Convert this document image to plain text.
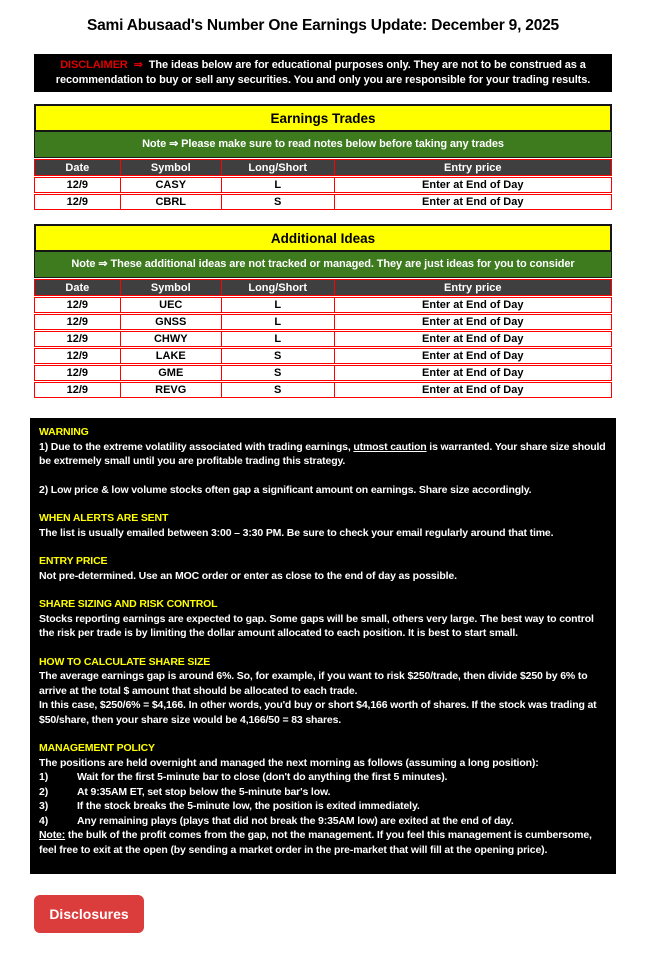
Sami Abusaad's Number One Earnings Update: December 9, 2025
DISCLAIMER ⇒ The ideas below are for educational purposes only. They are not to be construed as a recommendation to buy or sell any securities. You and only you are responsible for your trading results.
Earnings Trades
Note ⇒ Please make sure to read notes below before taking any trades
Date	Symbol	Long/Short	Entry price
12/9	CASY	L	Enter at End of Day
12/9	CBRL	S	Enter at End of Day
Additional Ideas
Note ⇒ These additional ideas are not tracked or managed. They are just ideas for you to consider
Date	Symbol	Long/Short	Entry price
12/9	UEC	L	Enter at End of Day
12/9	GNSS	L	Enter at End of Day
12/9	CHWY	L	Enter at End of Day
12/9	LAKE	S	Enter at End of Day
12/9	GME	S	Enter at End of Day
12/9	REVG	S	Enter at End of Day
WARNING

1) Due to the extreme volatility associated with trading earnings, utmost caution is warranted. Your share size should be extremely small until you are profitable trading this strategy.

2) Low price & low volume stocks often gap a significant amount on earnings. Share size accordingly.

WHEN ALERTS ARE SENT

The list is usually emailed between 3:00 – 3:30 PM. Be sure to check your email regularly around that time.

ENTRY PRICE

Not pre-determined. Use an MOC order or enter as close to the end of day as possible.

SHARE SIZING AND RISK CONTROL

Stocks reporting earnings are expected to gap. Some gaps will be small, others very large. The best way to control the risk per trade is by limiting the dollar amount allocated to each position. It is best to start small.

HOW TO CALCULATE SHARE SIZE

The average earnings gap is around 6%. So, for example, if you want to risk $250/trade, then divide $250 by 6% to arrive at the total $ amount that should be allocated to each trade.

In this case, $250/6% = $4,166. In other words, you'd buy or short $4,166 worth of shares. If the stock was trading at $50/share, then your share size would be 4,166/50 = 83 shares.

MANAGEMENT POLICY

The positions are held overnight and managed the next morning as follows (assuming a long position):

1)	Wait for the first 5-minute bar to close (don't do anything the first 5 minutes).
2)	At 9:35AM ET, set stop below the 5-minute bar's low.
3)	If the stock breaks the 5-minute low, the position is exited immediately.
4)	Any remaining plays (plays that did not break the 9:35AM low) are exited at the end of day.

Note: the bulk of the profit comes from the gap, not the management. If you feel this management is cumbersome, feel free to exit at the open (by sending a market order in the pre-market that will fill at the opening price).

Disclosures
